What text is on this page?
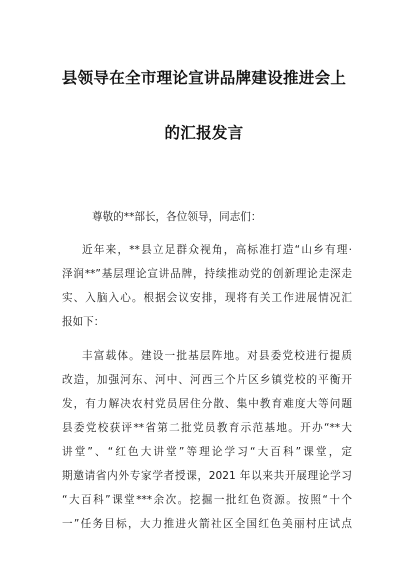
县领导在全市理论宣讲品牌建设推进会上
的汇报发言
尊敬的**部长，各位领导，同志们：
近年来，**县立足群众视角，高标准打造“山乡有理·
泽润**”基层理论宣讲品牌，持续推动党的创新理论走深走
实、入脑入心。根据会议安排，现将有关工作进展情况汇
报如下：
丰富载体。建设一批基层阵地。对县委党校进行提质
改造，加强河东、河中、河西三个片区乡镇党校的平衡开
发，有力解决农村党员居住分散、集中教育难度大等问题
县委党校获评**省第二批党员教育示范基地。开办“**大
讲堂”、“红色大讲堂”等理论学习“大百科”课堂，定
期邀请省内外专家学者授课，2021 年以来共开展理论学习
“大百科”课堂***余次。挖掘一批红色资源。按照“十个
一”任务目标，大力推进火箭社区全国红色美丽村庄试点
